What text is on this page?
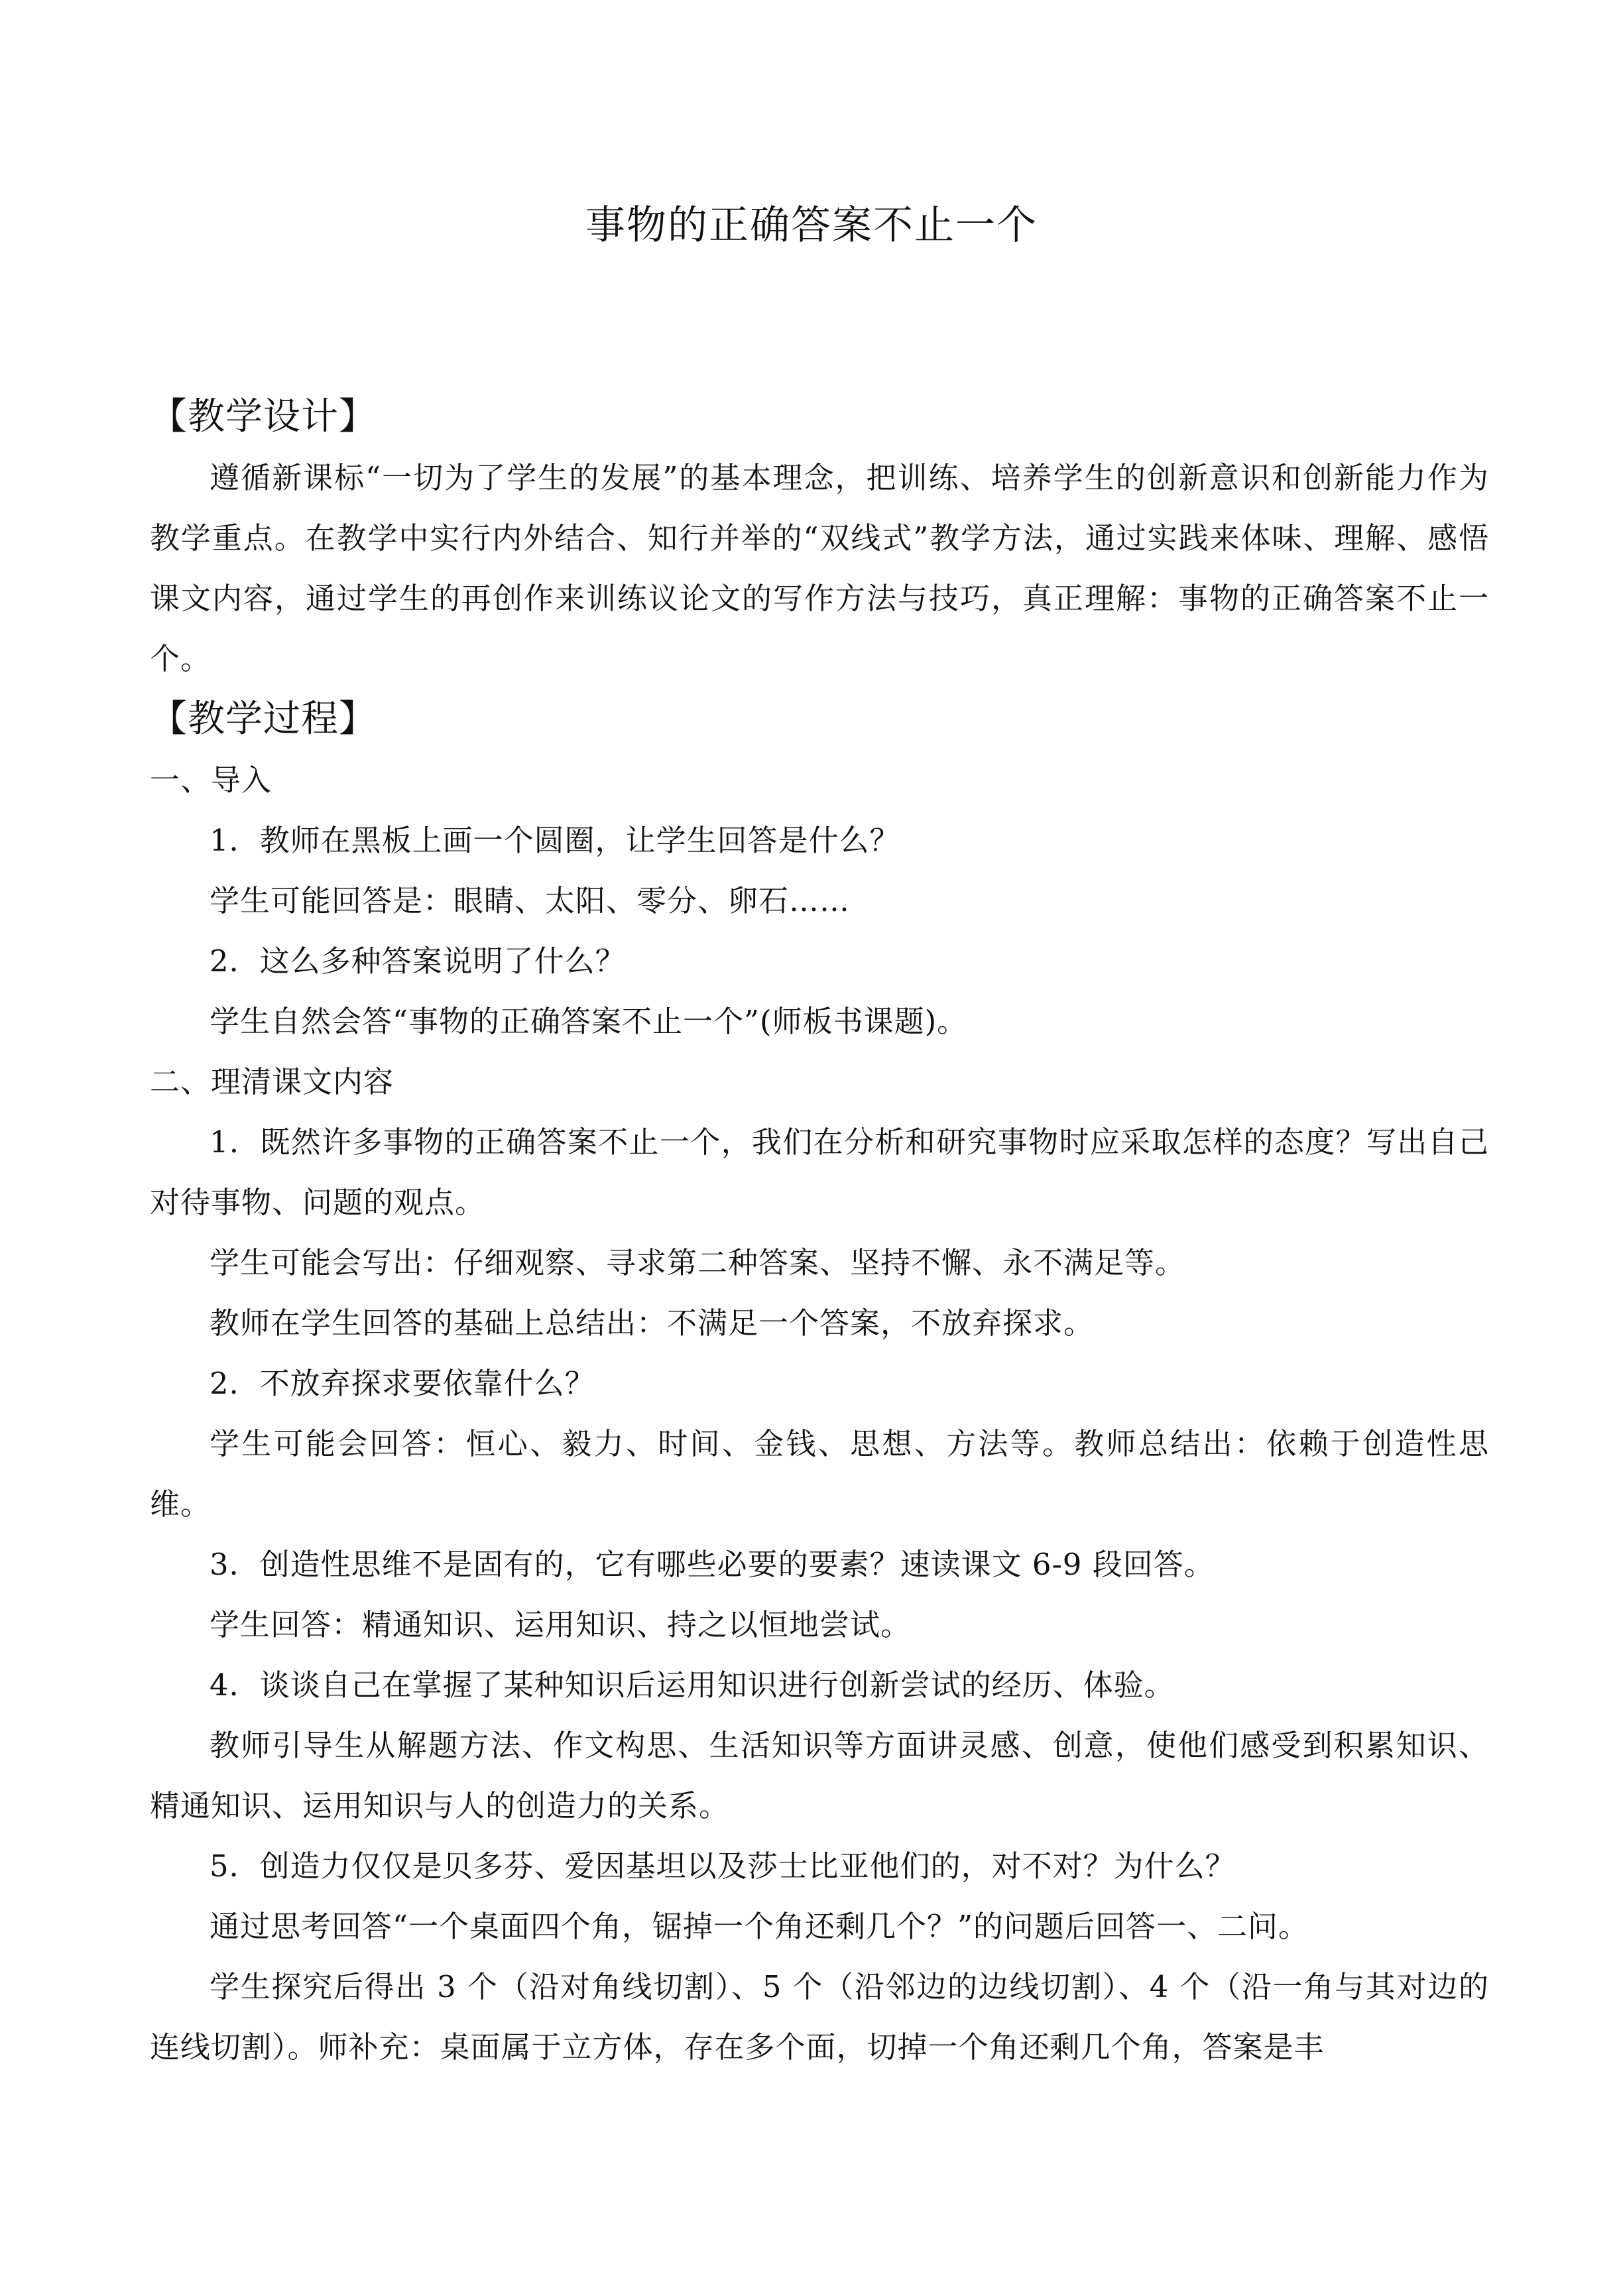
事物的正确答案不止一个

【教学设计】

遵循新课标“一切为了学生的发展”的基本理念，把训练、培养学生的创新意识和创新能力作为教学重点。在教学中实行内外结合、知行并举的“双线式”教学方法，通过实践来体味、理解、感悟课文内容，通过学生的再创作来训练议论文的写作方法与技巧，真正理解：事物的正确答案不止一个。

【教学过程】

一、导入

1．教师在黑板上画一个圆圈，让学生回答是什么？

学生可能回答是：眼睛、太阳、零分、卵石……

2．这么多种答案说明了什么？

学生自然会答“事物的正确答案不止一个”(师板书课题)。

二、理清课文内容

1．既然许多事物的正确答案不止一个，我们在分析和研究事物时应采取怎样的态度？写出自己对待事物、问题的观点。

学生可能会写出：仔细观察、寻求第二种答案、坚持不懈、永不满足等。

教师在学生回答的基础上总结出：不满足一个答案，不放弃探求。

2．不放弃探求要依靠什么？

学生可能会回答：恒心、毅力、时间、金钱、思想、方法等。教师总结出：依赖于创造性思维。

3．创造性思维不是固有的，它有哪些必要的要素？速读课文 6-9 段回答。

学生回答：精通知识、运用知识、持之以恒地尝试。

4．谈谈自己在掌握了某种知识后运用知识进行创新尝试的经历、体验。

教师引导生从解题方法、作文构思、生活知识等方面讲灵感、创意，使他们感受到积累知识、精通知识、运用知识与人的创造力的关系。

5．创造力仅仅是贝多芬、爱因基坦以及莎士比亚他们的，对不对？为什么？

通过思考回答“一个桌面四个角，锯掉一个角还剩几个？”的问题后回答一、二问。

学生探究后得出 3 个（沿对角线切割）、5 个（沿邻边的边线切割）、4 个（沿一角与其对边的连线切割）。师补充：桌面属于立方体，存在多个面，切掉一个角还剩几个角，答案是丰
